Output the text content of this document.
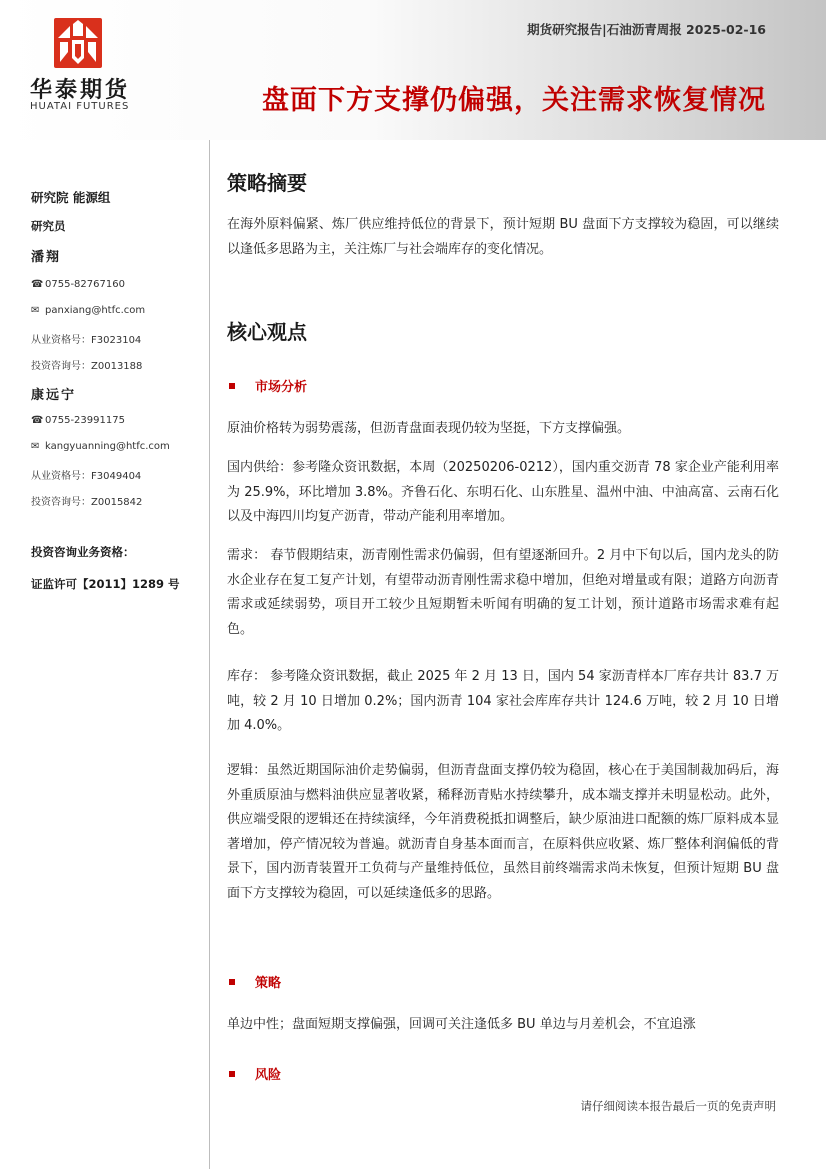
华泰期货
HUATAI FUTURES
期货研究报告|石油沥青周报 2025-02-16
盘面下方支撑仍偏强，关注需求恢复情况
研究院 能源组
研究员
潘翔
☎ 0755-82767160
✉ panxiang@htfc.com
从业资格号：F3023104
投资咨询号：Z0013188
康远宁
☎ 0755-23991175
✉ kangyuanning@htfc.com
从业资格号：F3049404
投资咨询号：Z0015842
投资咨询业务资格：
证监许可【2011】1289 号
策略摘要
在海外原料偏紧、炼厂供应维持低位的背景下，预计短期 BU 盘面下方支撑较为稳固，可以继续以逢低多思路为主，关注炼厂与社会端库存的变化情况。
核心观点
市场分析
原油价格转为弱势震荡，但沥青盘面表现仍较为坚挺，下方支撑偏强。
国内供给：参考隆众资讯数据，本周（20250206-0212），国内重交沥青 78 家企业产能利用率为 25.9%，环比增加 3.8%。齐鲁石化、东明石化、山东胜星、温州中油、中油高富、云南石化以及中海四川均复产沥青，带动产能利用率增加。
需求： 春节假期结束，沥青刚性需求仍偏弱，但有望逐渐回升。2 月中下旬以后，国内龙头的防水企业存在复工复产计划，有望带动沥青刚性需求稳中增加，但绝对增量或有限；道路方向沥青需求或延续弱势，项目开工较少且短期暂未听闻有明确的复工计划，预计道路市场需求难有起色。
库存： 参考隆众资讯数据，截止 2025 年 2 月 13 日，国内 54 家沥青样本厂库存共计 83.7 万吨，较 2 月 10 日增加 0.2%；国内沥青 104 家社会库库存共计 124.6 万吨，较 2 月 10 日增加 4.0%。
逻辑：虽然近期国际油价走势偏弱，但沥青盘面支撑仍较为稳固，核心在于美国制裁加码后，海外重质原油与燃料油供应显著收紧，稀释沥青贴水持续攀升，成本端支撑并未明显松动。此外，供应端受限的逻辑还在持续演绎，今年消费税抵扣调整后，缺少原油进口配额的炼厂原料成本显著增加，停产情况较为普遍。就沥青自身基本面而言，在原料供应收紧、炼厂整体利润偏低的背景下，国内沥青装置开工负荷与产量维持低位，虽然目前终端需求尚未恢复，但预计短期 BU 盘面下方支撑较为稳固，可以延续逢低多的思路。
策略
单边中性；盘面短期支撑偏强，回调可关注逢低多 BU 单边与月差机会，不宜追涨
风险
请仔细阅读本报告最后一页的免责声明
